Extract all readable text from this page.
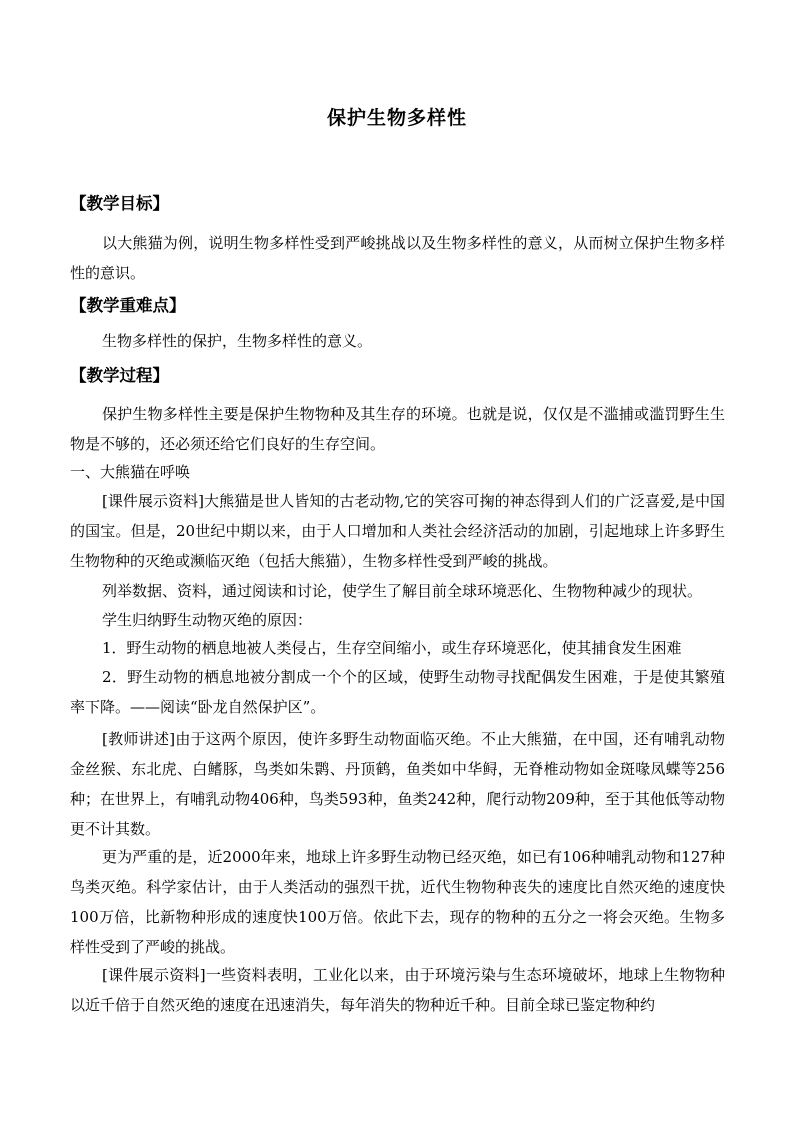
保护生物多样性
【教学目标】
以大熊猫为例，说明生物多样性受到严峻挑战以及生物多样性的意义，从而树立保护生物多样性的意识。
【教学重难点】
生物多样性的保护，生物多样性的意义。
【教学过程】
保护生物多样性主要是保护生物物种及其生存的环境。也就是说，仅仅是不滥捕或滥罚野生生物是不够的，还必须还给它们良好的生存空间。
一、大熊猫在呼唤
[课件展示资料]大熊猫是世人皆知的古老动物,它的笑容可掬的神态得到人们的广泛喜爱,是中国的国宝。但是，20世纪中期以来，由于人口增加和人类社会经济活动的加剧，引起地球上许多野生生物物种的灭绝或濒临灭绝（包括大熊猫），生物多样性受到严峻的挑战。
列举数据、资料，通过阅读和讨论，使学生了解目前全球环境恶化、生物物种减少的现状。
学生归纳野生动物灭绝的原因：
1．野生动物的栖息地被人类侵占，生存空间缩小，或生存环境恶化，使其捕食发生困难
2．野生动物的栖息地被分割成一个个的区域，使野生动物寻找配偶发生困难，于是使其繁殖率下降。——阅读“卧龙自然保护区”。
[教师讲述]由于这两个原因，使许多野生动物面临灭绝。不止大熊猫，在中国，还有哺乳动物金丝猴、东北虎、白鳍豚，鸟类如朱鹮、丹顶鹤，鱼类如中华鲟，无脊椎动物如金斑喙凤蝶等256种；在世界上，有哺乳动物406种，鸟类593种，鱼类242种，爬行动物209种，至于其他低等动物更不计其数。
更为严重的是，近2000年来，地球上许多野生动物已经灭绝，如已有106种哺乳动物和127种鸟类灭绝。科学家估计，由于人类活动的强烈干扰，近代生物物种丧失的速度比自然灭绝的速度快100万倍，比新物种形成的速度快100万倍。依此下去，现存的物种的五分之一将会灭绝。生物多样性受到了严峻的挑战。
[课件展示资料]一些资料表明，工业化以来，由于环境污染与生态环境破坏，地球上生物物种以近千倍于自然灭绝的速度在迅速消失，每年消失的物种近千种。目前全球已鉴定物种约
